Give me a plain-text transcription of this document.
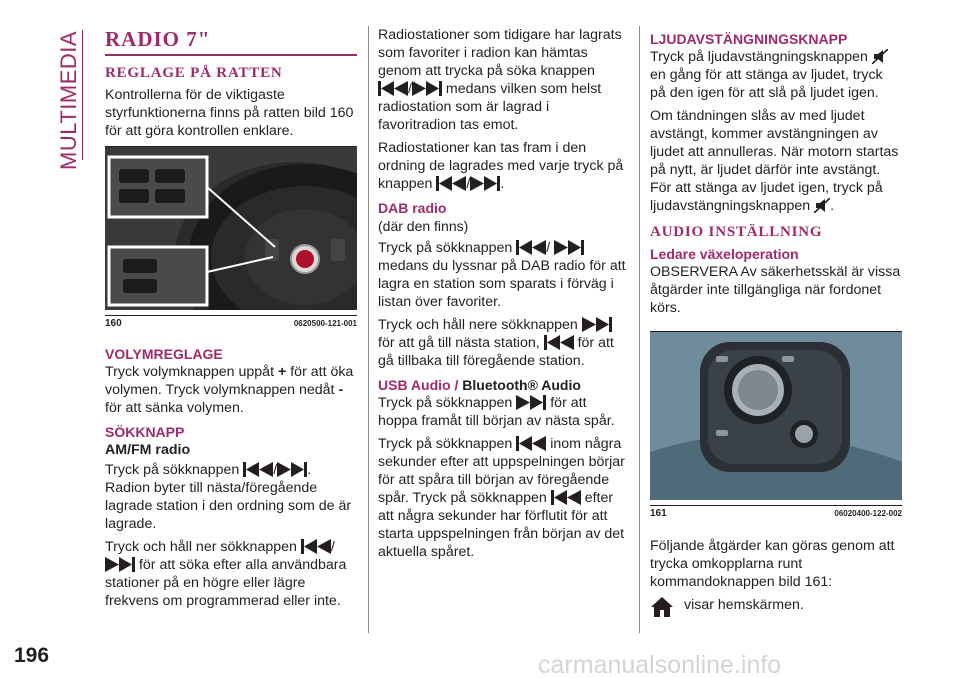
MULTIMEDIA
196	carmanualsonline.info
RADIO 7"
REGLAGE PÅ RATTEN
Kontrollerna för de viktigaste styrfunktionerna finns på ratten bild 160 för att göra kontrollen enklare.
160	0620500-121-001
VOLYMREGLAGE
Tryck volymknappen uppåt + för att öka volymen. Tryck volymknappen nedåt - för att sänka volymen.
SÖKKNAPP
AM/FM radio
Tryck på sökknappen / . Radion byter till nästa/föregående lagrade station i den ordning som de är lagrade.
Tryck och håll ner sökknappen /
för att söka efter alla användbara stationer på en högre eller lägre frekvens om programmerad eller inte.
Radiostationer som tidigare har lagrats som favoriter i radion kan hämtas genom att trycka på söka knappen
/ medans vilken som helst radiostation som är lagrad i favoritradion tas emot.
Radiostationer kan tas fram i den ordning de lagrades med varje tryck på knappen / .
DAB radio
(där den finns)
Tryck på sökknappen /
medans du lyssnar på DAB radio för att lagra en station som sparats i förväg i listan över favoriter.
Tryck och håll nere sökknappen
för att gå till nästa station,	för att gå tillbaka till föregående station.
USB Audio / Bluetooth® Audio
Tryck på sökknappen	för att hoppa framåt till början av nästa spår.
Tryck på sökknappen	inom några sekunder efter att uppspelningen börjar för att spåra till början av föregående spår. Tryck på sökknappen	efter att några sekunder har förflutit för att starta uppspelningen från början av det aktuella spåret.
LJUDAVSTÄNGNINGSKNAPP
Tryck på ljudavstängningsknappen
en gång för att stänga av ljudet, tryck på den igen för att slå på ljudet igen.
Om tändningen slås av med ljudet avstängt, kommer avstängningen av ljudet att annulleras. När motorn startas på nytt, är ljudet därför inte avstängt. För att stänga av ljudet igen, tryck på ljudavstängningsknappen .
AUDIO INSTÄLLNING
Ledare växeloperation
OBSERVERA Av säkerhetsskäl är vissa åtgärder inte tillgängliga när fordonet körs.
161	06020400-122-002
Följande åtgärder kan göras genom att trycka omkopplarna runt kommandoknappen bild 161:
visar hemskärmen.
